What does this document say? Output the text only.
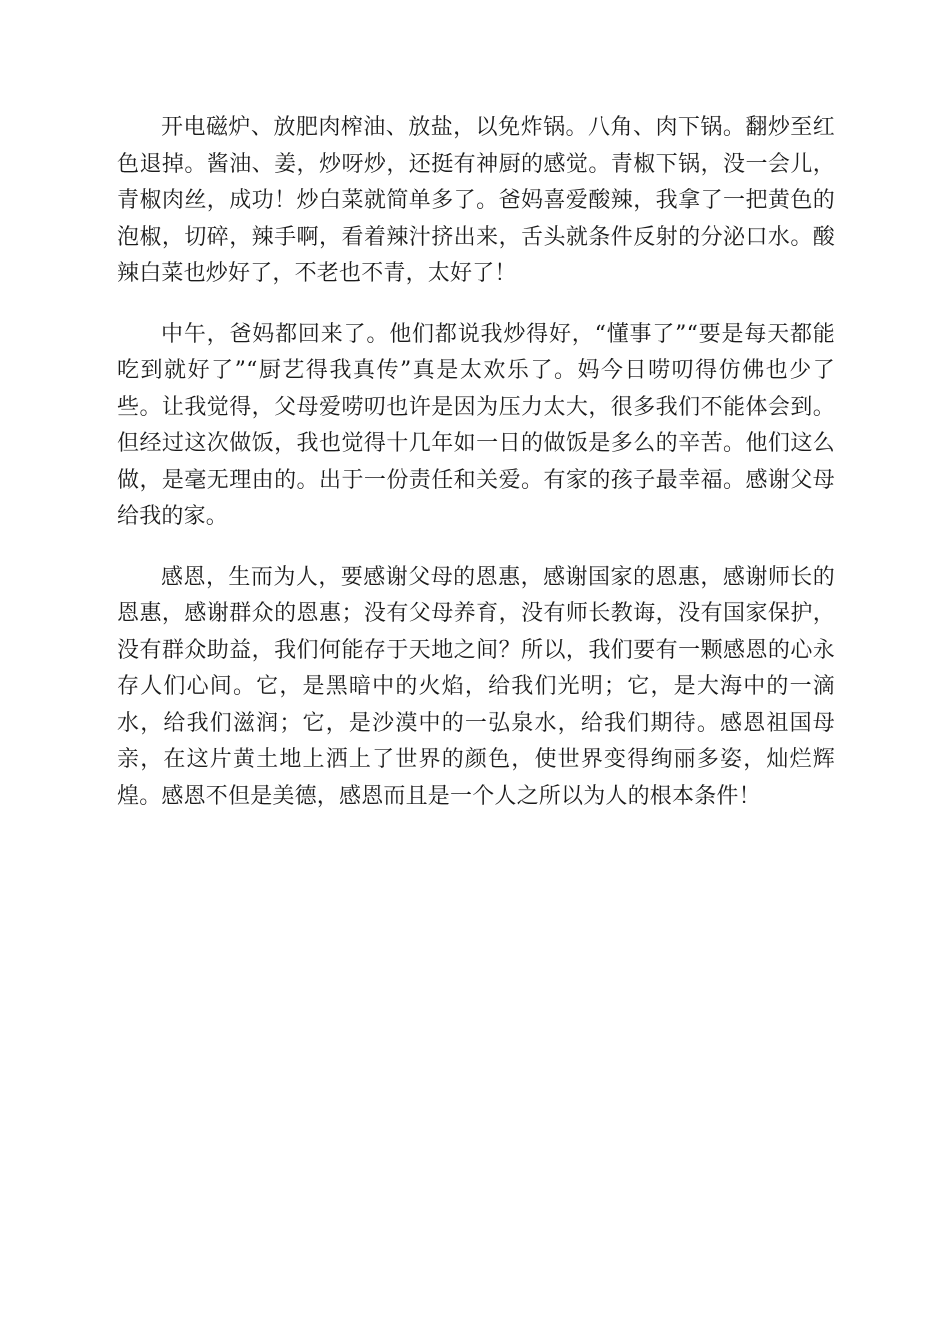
开电磁炉、放肥肉榨油、放盐，以免炸锅。八角、肉下锅。翻炒至红色退掉。酱油、姜，炒呀炒，还挺有神厨的感觉。青椒下锅，没一会儿，青椒肉丝，成功！炒白菜就简单多了。爸妈喜爱酸辣，我拿了一把黄色的泡椒，切碎，辣手啊，看着辣汁挤出来，舌头就条件反射的分泌口水。酸辣白菜也炒好了，不老也不青，太好了！

中午，爸妈都回来了。他们都说我炒得好，“懂事了”“要是每天都能吃到就好了”“厨艺得我真传”真是太欢乐了。妈今日唠叨得仿佛也少了些。让我觉得，父母爱唠叨也许是因为压力太大，很多我们不能体会到。但经过这次做饭，我也觉得十几年如一日的做饭是多么的辛苦。他们这么做，是毫无理由的。出于一份责任和关爱。有家的孩子最幸福。感谢父母给我的家。

感恩，生而为人，要感谢父母的恩惠，感谢国家的恩惠，感谢师长的恩惠，感谢群众的恩惠；没有父母养育，没有师长教诲，没有国家保护，没有群众助益，我们何能存于天地之间？所以，我们要有一颗感恩的心永存人们心间。它，是黑暗中的火焰，给我们光明；它，是大海中的一滴水，给我们滋润；它，是沙漠中的一弘泉水，给我们期待。感恩祖国母亲，在这片黄土地上洒上了世界的颜色，使世界变得绚丽多姿，灿烂辉煌。感恩不但是美德，感恩而且是一个人之所以为人的根本条件！
